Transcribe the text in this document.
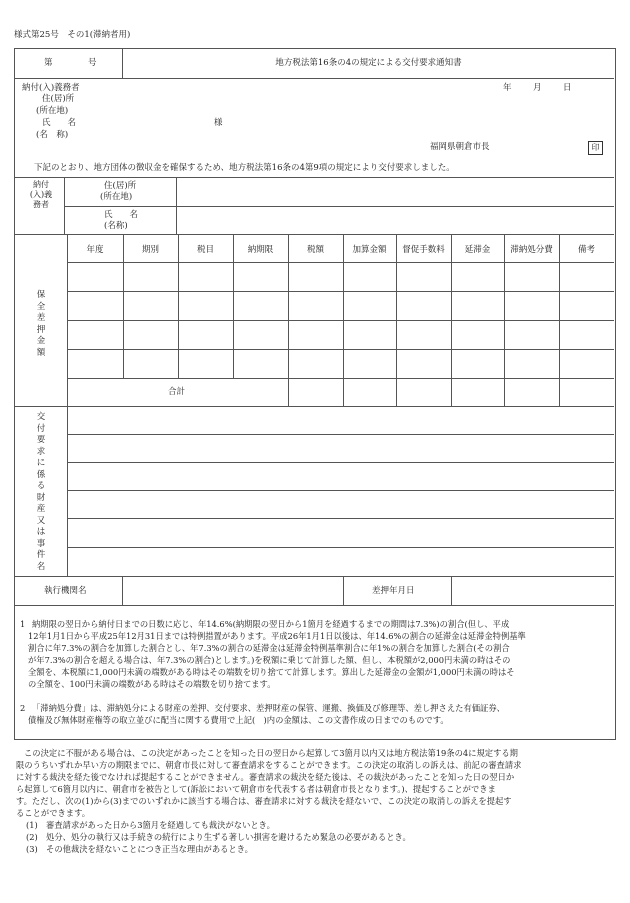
様式第25号　その1(滞納者用)
第	号	地方税法第16条の4の規定による交付要求通知書
納付(入)義務者
住(居)所
(所在地)
氏　　名
(名　称)
様
年	月	日
福岡県朝倉市長	印
下記のとおり、地方団体の徴収金を確保するため、地方税法第16条の4第9項の規定により交付要求しました。
納付(入)義務者
住(居)所
(所在地)
氏　　名
(名称)
保全差押金額
年度	期別	税目	納期限	税額	加算金額	督促手数料	延滞金	滞納処分費	備考
合計
交付要求に係る財産又は事件名
執行機関名	差押年月日
1 納期限の翌日から納付日までの日数に応じ、年14.6%(納期限の翌日から1箇月を経過するまでの期間は7.3%)の割合(但し、平成
12年1月1日から平成25年12月31日までは特例措置があります。平成26年1月1日以後は、年14.6%の割合の延滞金は延滞金特例基準
割合に年7.3%の割合を加算した割合とし、年7.3%の割合の延滞金は延滞金特例基準割合に年1%の割合を加算した割合(その割合
が年7.3%の割合を超える場合は、年7.3%の割合)とします。)を税額に乗じて計算した額、但し、本税額が2,000円未満の時はその
全額を、本税額に1,000円未満の端数がある時はその端数を切り捨てて計算します。算出した延滞金の金額が1,000円未満の時はそ
の全額を、100円未満の端数がある時はその端数を切り捨てます。
2 「滞納処分費」は、滞納処分による財産の差押、交付要求、差押財産の保管、運搬、換価及び修理等、差し押さえた有価証券、
債権及び無体財産権等の取立並びに配当に関する費用で上記(　)内の金額は、この文書作成の日までのものです。
この決定に不服がある場合は、この決定があったことを知った日の翌日から起算して3箇月以内又は地方税法第19条の4に規定する期
限のうちいずれか早い方の期限までに、朝倉市長に対して審査請求をすることができます。この決定の取消しの訴えは、前記の審査請求
に対する裁決を経た後でなければ提起することができません。審査請求の裁決を経た後は、その裁決があったことを知った日の翌日か
ら起算して6箇月以内に、朝倉市を被告として(訴訟において朝倉市を代表する者は朝倉市長となります。)、提起することができま
す。ただし、次の(1)から(3)までのいずれかに該当する場合は、審査請求に対する裁決を経ないで、この決定の取消しの訴えを提起す
ることができます。
(1)　審査請求があった日から3箇月を経過しても裁決がないとき。
(2)　処分、処分の執行又は手続きの続行により生ずる著しい損害を避けるため緊急の必要があるとき。
(3)　その他裁決を経ないことにつき正当な理由があるとき。
